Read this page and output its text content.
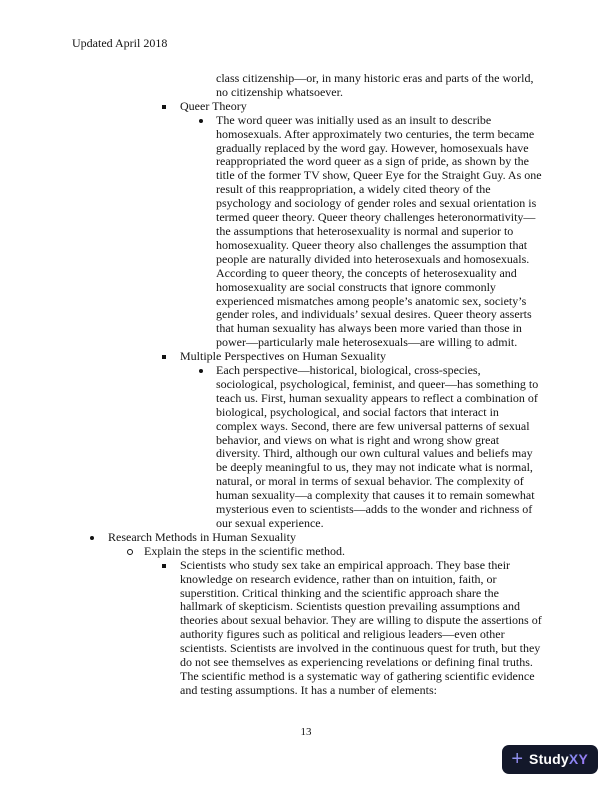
Updated April 2018
class citizenship—or, in many historic eras and parts of the world, no citizenship whatsoever.
Queer Theory
The word queer was initially used as an insult to describe homosexuals. After approximately two centuries, the term became gradually replaced by the word gay. However, homosexuals have reappropriated the word queer as a sign of pride, as shown by the title of the former TV show, Queer Eye for the Straight Guy. As one result of this reappropriation, a widely cited theory of the psychology and sociology of gender roles and sexual orientation is termed queer theory. Queer theory challenges heteronormativity—the assumptions that heterosexuality is normal and superior to homosexuality. Queer theory also challenges the assumption that people are naturally divided into heterosexuals and homosexuals. According to queer theory, the concepts of heterosexuality and homosexuality are social constructs that ignore commonly experienced mismatches among people’s anatomic sex, society’s gender roles, and individuals’ sexual desires. Queer theory asserts that human sexuality has always been more varied than those in power—particularly male heterosexuals—are willing to admit.
Multiple Perspectives on Human Sexuality
Each perspective—historical, biological, cross-species, sociological, psychological, feminist, and queer—has something to teach us. First, human sexuality appears to reflect a combination of biological, psychological, and social factors that interact in complex ways. Second, there are few universal patterns of sexual behavior, and views on what is right and wrong show great diversity. Third, although our own cultural values and beliefs may be deeply meaningful to us, they may not indicate what is normal, natural, or moral in terms of sexual behavior. The complexity of human sexuality—a complexity that causes it to remain somewhat mysterious even to scientists—adds to the wonder and richness of our sexual experience.
Research Methods in Human Sexuality
Explain the steps in the scientific method.
Scientists who study sex take an empirical approach. They base their knowledge on research evidence, rather than on intuition, faith, or superstition. Critical thinking and the scientific approach share the hallmark of skepticism. Scientists question prevailing assumptions and theories about sexual behavior. They are willing to dispute the assertions of authority figures such as political and religious leaders—even other scientists. Scientists are involved in the continuous quest for truth, but they do not see themselves as experiencing revelations or defining final truths. The scientific method is a systematic way of gathering scientific evidence and testing assumptions. It has a number of elements:
13
+ Study XY
